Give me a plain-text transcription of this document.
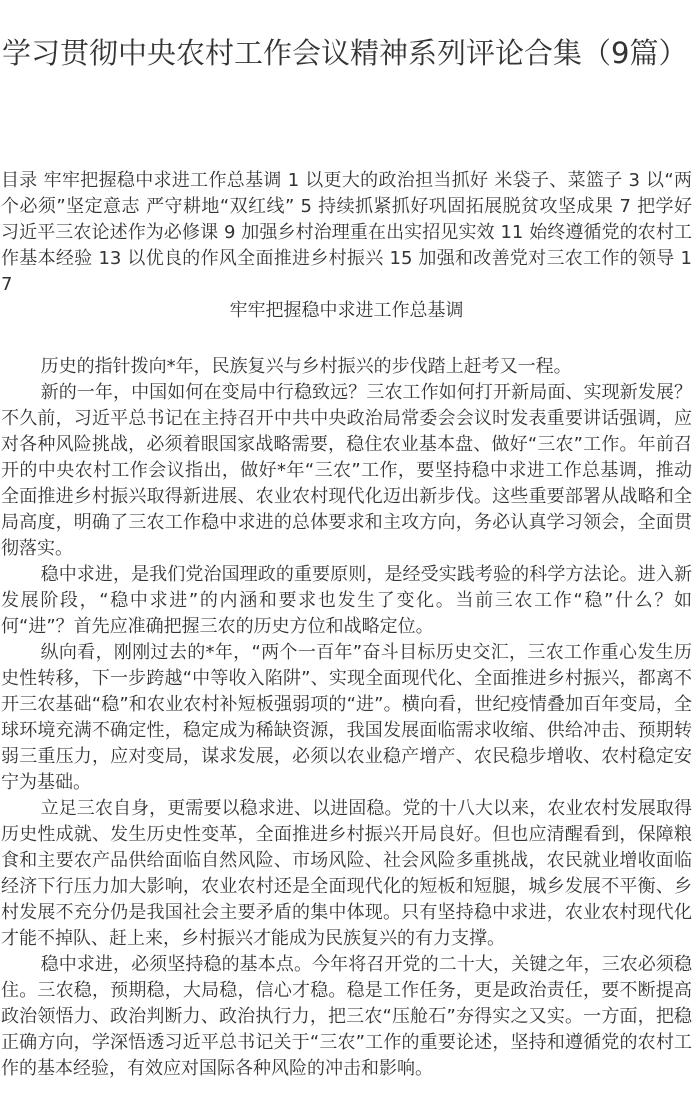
学习贯彻中央农村工作会议精神系列评论合集（9篇）

目录 牢牢把握稳中求进工作总基调 1 以更大的政治担当抓好 米袋子、菜篮子 3 以“两个必须”坚定意志 严守耕地“双红线” 5 持续抓紧抓好巩固拓展脱贫攻坚成果 7 把学好习近平三农论述作为必修课 9 加强乡村治理重在出实招见实效 11 始终遵循党的农村工作基本经验 13 以优良的作风全面推进乡村振兴 15 加强和改善党对三农工作的领导 17

牢牢把握稳中求进工作总基调

历史的指针拨向*年，民族复兴与乡村振兴的步伐踏上赶考又一程。

新的一年，中国如何在变局中行稳致远？三农工作如何打开新局面、实现新发展？不久前，习近平总书记在主持召开中共中央政治局常委会会议时发表重要讲话强调，应对各种风险挑战，必须着眼国家战略需要，稳住农业基本盘、做好“三农”工作。年前召开的中央农村工作会议指出，做好*年“三农”工作，要坚持稳中求进工作总基调，推动全面推进乡村振兴取得新进展、农业农村现代化迈出新步伐。这些重要部署从战略和全局高度，明确了三农工作稳中求进的总体要求和主攻方向，务必认真学习领会，全面贯彻落实。

稳中求进，是我们党治国理政的重要原则，是经受实践考验的科学方法论。进入新发展阶段，“稳中求进”的内涵和要求也发生了变化。当前三农工作“稳”什么？如何“进”？首先应准确把握三农的历史方位和战略定位。

纵向看，刚刚过去的*年，“两个一百年”奋斗目标历史交汇，三农工作重心发生历史性转移，下一步跨越“中等收入陷阱”、实现全面现代化、全面推进乡村振兴，都离不开三农基础“稳”和农业农村补短板强弱项的“进”。横向看，世纪疫情叠加百年变局，全球环境充满不确定性，稳定成为稀缺资源，我国发展面临需求收缩、供给冲击、预期转弱三重压力，应对变局，谋求发展，必须以农业稳产增产、农民稳步增收、农村稳定安宁为基础。

立足三农自身，更需要以稳求进、以进固稳。党的十八大以来，农业农村发展取得历史性成就、发生历史性变革，全面推进乡村振兴开局良好。但也应清醒看到，保障粮食和主要农产品供给面临自然风险、市场风险、社会风险多重挑战，农民就业增收面临经济下行压力加大影响，农业农村还是全面现代化的短板和短腿，城乡发展不平衡、乡村发展不充分仍是我国社会主要矛盾的集中体现。只有坚持稳中求进，农业农村现代化才能不掉队、赶上来，乡村振兴才能成为民族复兴的有力支撑。

稳中求进，必须坚持稳的基本点。今年将召开党的二十大，关键之年，三农必须稳住。三农稳，预期稳，大局稳，信心才稳。稳是工作任务，更是政治责任，要不断提高政治领悟力、政治判断力、政治执行力，把三农“压舱石”夯得实之又实。一方面，把稳正确方向，学深悟透习近平总书记关于“三农”工作的重要论述，坚持和遵循党的农村工作的基本经验，有效应对国际各种风险的冲击和影响。
